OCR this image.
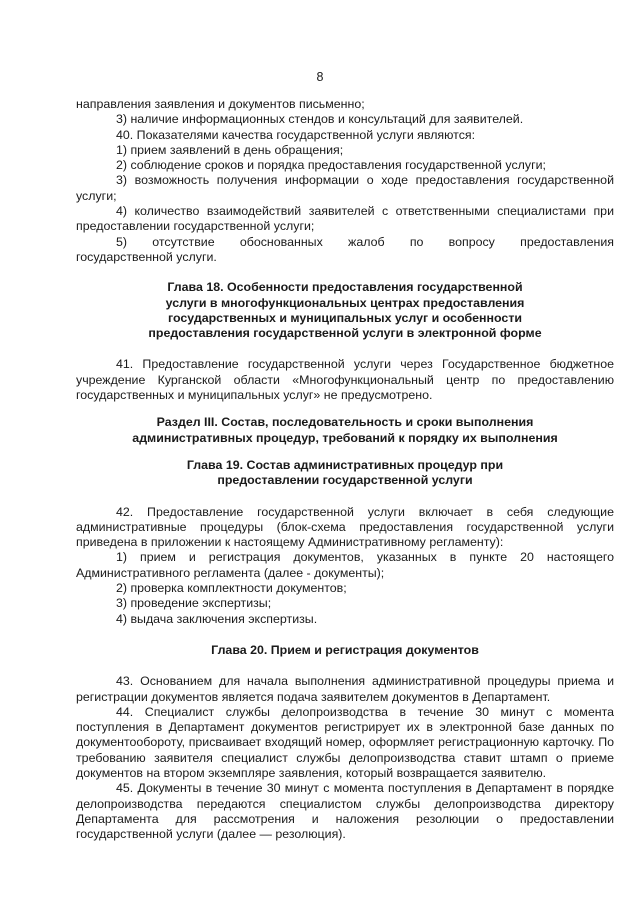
8

направления заявления и документов письменно;

3) наличие информационных стендов и консультаций для заявителей.

40. Показателями качества государственной услуги являются:

1) прием заявлений в день обращения;

2) соблюдение сроков и порядка предоставления государственной услуги;

3) возможность получения информации о ходе предоставления государственной услуги;

4) количество взаимодействий заявителей с ответственными специалистами при предоставлении государственной услуги;

5) отсутствие обоснованных жалоб по вопросу предоставления
государственной услуги.

Глава 18. Особенности предоставления государственной

услуги в многофункциональных центрах предоставления

государственных и муниципальных услуг и особенности

предоставления государственной услуги в электронной форме

41. Предоставление государственной услуги через Государственное бюджетное учреждение Курганской области «Многофункциональный центр по предоставлению государственных и муниципальных услуг» не предусмотрено.

Раздел III. Состав, последовательность и сроки выполнения

административных процедур, требований к порядку их выполнения

Глава 19. Состав административных процедур при

предоставлении государственной услуги

42. Предоставление государственной услуги включает в себя следующие административные процедуры (блок-схема предоставления государственной услуги приведена в приложении к настоящему Административному регламенту):

1) прием и регистрация документов, указанных в пункте 20 настоящего Административного регламента (далее - документы);

2) проверка комплектности документов;

3) проведение экспертизы;

4) выдача заключения экспертизы.

Глава 20. Прием и регистрация документов

43. Основанием для начала выполнения административной процедуры приема и регистрации документов является подача заявителем документов в Департамент.

44. Специалист службы делопроизводства в течение 30 минут с момента поступления в Департамент документов регистрирует их в электронной базе данных по документообороту, присваивает входящий номер, оформляет регистрационную карточку. По требованию заявителя специалист службы делопроизводства ставит штамп о приеме документов на втором экземпляре заявления, который возвращается заявителю.

45. Документы в течение 30 минут с момента поступления в Департамент в порядке делопроизводства передаются специалистом службы делопроизводства директору Департамента для рассмотрения и наложения резолюции о предоставлении государственной услуги (далее — резолюция).
